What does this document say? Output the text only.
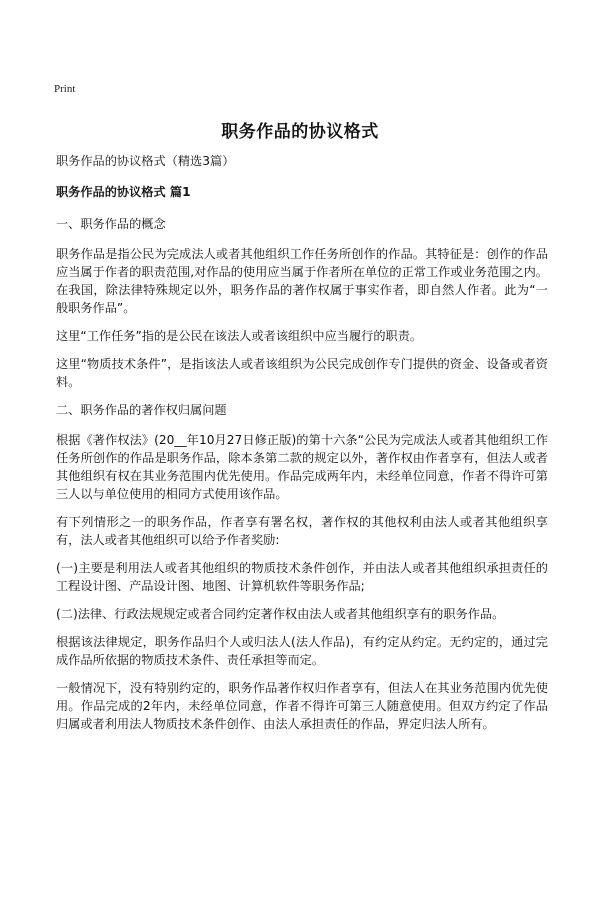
Print
职务作品的协议格式

职务作品的协议格式（精选3篇）

职务作品的协议格式 篇1

一、职务作品的概念

职务作品是指公民为完成法人或者其他组织工作任务所创作的作品。其特征是：创作的作品应当属于作者的职责范围,对作品的使用应当属于作者所在单位的正常工作或业务范围之内。在我国，除法律特殊规定以外，职务作品的著作权属于事实作者，即自然人作者。此为“一般职务作品”。

这里“工作任务”指的是公民在该法人或者该组织中应当履行的职责。

这里“物质技术条件”，是指该法人或者该组织为公民完成创作专门提供的资金、设备或者资料。

二、职务作品的著作权归属问题

根据《著作权法》(20__年10月27日修正版)的第十六条“公民为完成法人或者其他组织工作任务所创作的作品是职务作品，除本条第二款的规定以外，著作权由作者享有，但法人或者其他组织有权在其业务范围内优先使用。作品完成两年内，未经单位同意，作者不得许可第三人以与单位使用的相同方式使用该作品。

有下列情形之一的职务作品，作者享有署名权，著作权的其他权利由法人或者其他组织享有，法人或者其他组织可以给予作者奖励:

(一)主要是利用法人或者其他组织的物质技术条件创作，并由法人或者其他组织承担责任的工程设计图、产品设计图、地图、计算机软件等职务作品;

(二)法律、行政法规规定或者合同约定著作权由法人或者其他组织享有的职务作品。

根据该法律规定，职务作品归个人或归法人(法人作品)，有约定从约定。无约定的，通过完成作品所依据的物质技术条件、责任承担等而定。

一般情况下，没有特别约定的，职务作品著作权归作者享有，但法人在其业务范围内优先使用。作品完成的2年内，未经单位同意，作者不得许可第三人随意使用。但双方约定了作品归属或者利用法人物质技术条件创作、由法人承担责任的作品，界定归法人所有。
